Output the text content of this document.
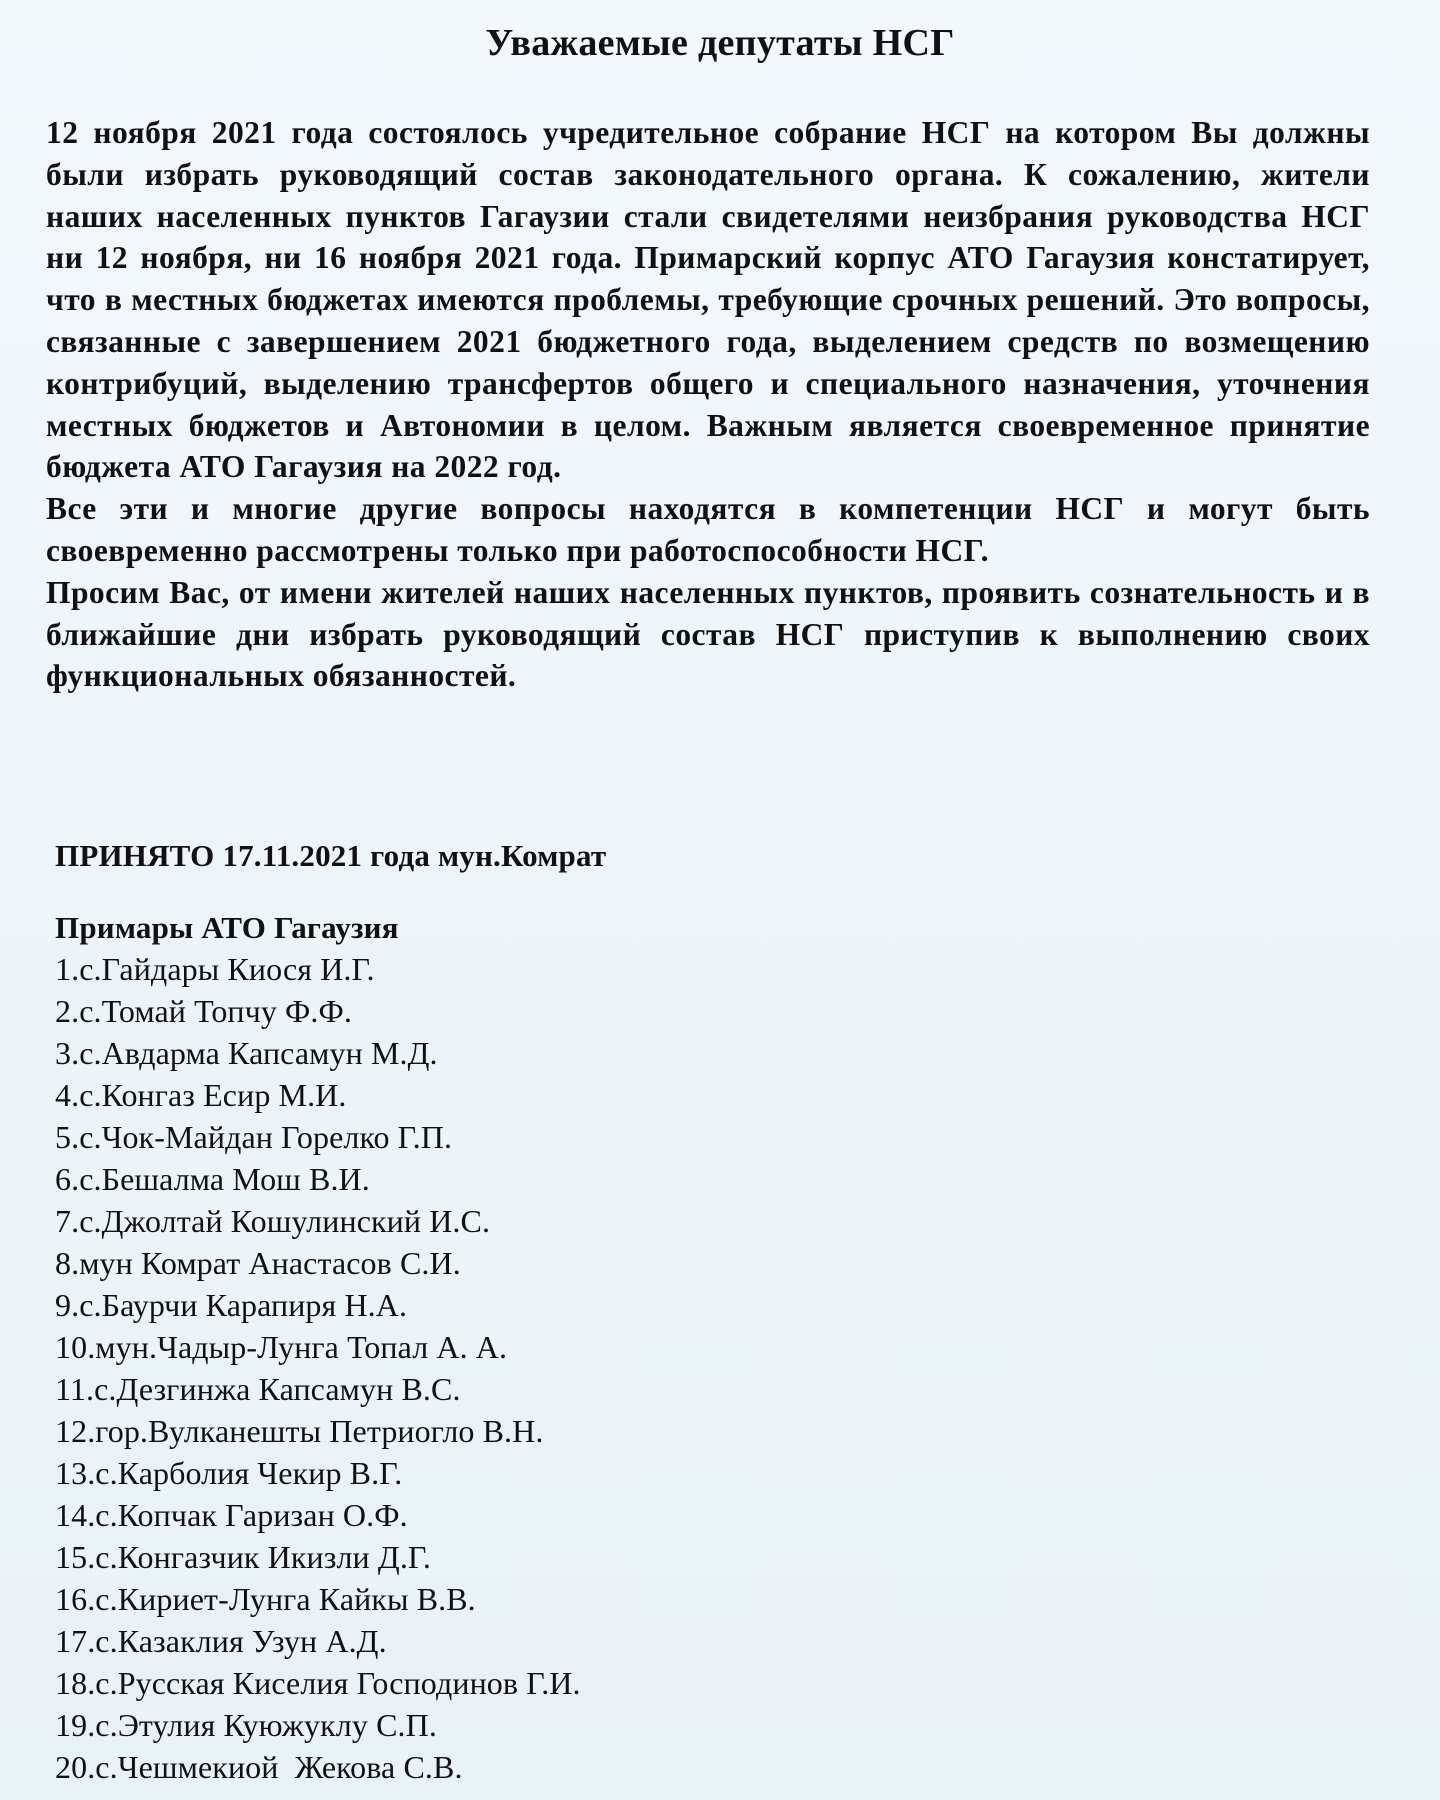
Уважаемые депутаты НСГ

12 ноября 2021 года состоялось учредительное собрание НСГ на котором Вы должны были избрать руководящий состав законодательного органа. К сожалению, жители наших населенных пунктов Гагаузии стали свидетелями неизбрания руководства НСГ ни 12 ноября, ни 16 ноября 2021 года. Примарский корпус АТО Гагаузия констатирует, что в местных бюджетах имеются проблемы, требующие срочных решений. Это вопросы, связанные с завершением 2021 бюджетного года, выделением средств по возмещению контрибуций, выделению трансфертов общего и специального назначения, уточнения местных бюджетов и Автономии в целом. Важным является своевременное принятие бюджета АТО Гагаузия на 2022 год.

Все эти и многие другие вопросы находятся в компетенции НСГ и могут быть своевременно рассмотрены только при работоспособности НСГ.

Просим Вас, от имени жителей наших населенных пунктов, проявить сознательность и в ближайшие дни избрать руководящий состав НСГ приступив к выполнению своих функциональных обязанностей.

ПРИНЯТО 17.11.2021 года мун.Комрат
Примары АТО Гагаузия
1.с.Гайдары Киося И.Г.
2.с.Томай Топчу Ф.Ф.
3.с.Авдарма Капсамун М.Д.
4.с.Конгаз Есир М.И.
5.с.Чок-Майдан Горелко Г.П.
6.с.Бешалма Мош В.И.
7.с.Джолтай Кошулинский И.С.
8.мун Комрат Анастасов С.И.
9.с.Баурчи Карапиря Н.А.
10.мун.Чадыр-Лунга Топал А. А.
11.с.Дезгинжа Капсамун В.С.
12.гор.Вулканешты Петриогло В.Н.
13.с.Карболия Чекир В.Г.
14.с.Копчак Гаризан О.Ф.
15.с.Конгазчик Икизли Д.Г.
16.с.Кириет-Лунга Кайкы В.В.
17.с.Казаклия Узун А.Д.
18.с.Русская Киселия Господинов Г.И.
19.с.Этулия Куюжуклу С.П.
20.с.Чешмекиой  Жекова С.В.
